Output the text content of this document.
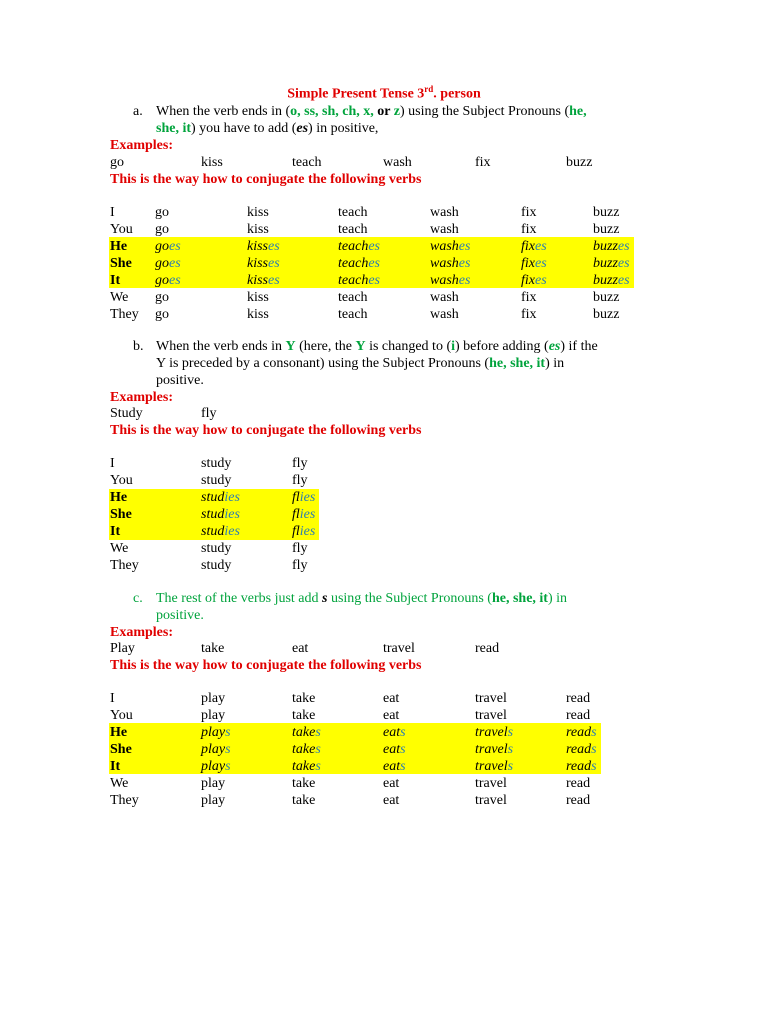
Simple Present Tense 3rd. person
a. When the verb ends in (o, ss, sh, ch, x, or z) using the Subject Pronouns (he,
she, it) you have to add (es) in positive,
Examples:
go	kiss	teach	wash	fix	buzz
This is the way how to conjugate the following verbs
I	go	kiss	teach	wash	fix	buzz
You go	kiss	teach	wash	fix	buzz
He goes	kisses	teaches	washes	fixes	buzzes
She goes	kisses	teaches	washes	fixes	buzzes
It goes	kisses	teaches	washes	fixes	buzzes
We go	kiss	teach	wash	fix	buzz
They go	kiss	teach	wash	fix	buzz
b. When the verb ends in Y (here, the Y is changed to (i) before adding (es) if the
Y is preceded by a consonant) using the Subject Pronouns (he, she, it) in
positive.
Examples:
Study	fly
This is the way how to conjugate the following verbs
I	study	fly
You	study	fly
He	studies	flies
She	studies	flies
It	studies	flies
We	study	fly
They	study	fly
c. The rest of the verbs just add s using the Subject Pronouns (he, she, it) in
positive.
Examples:
Play	take	eat	travel	read
This is the way how to conjugate the following verbs
I	play	take	eat	travel	read
You	play	take	eat	travel	read
He	plays	takes	eats	travels	reads
She	plays	takes	eats	travels	reads
It	plays	takes	eats	travels	reads
We	play	take	eat	travel	read
They	play	take	eat	travel	read
